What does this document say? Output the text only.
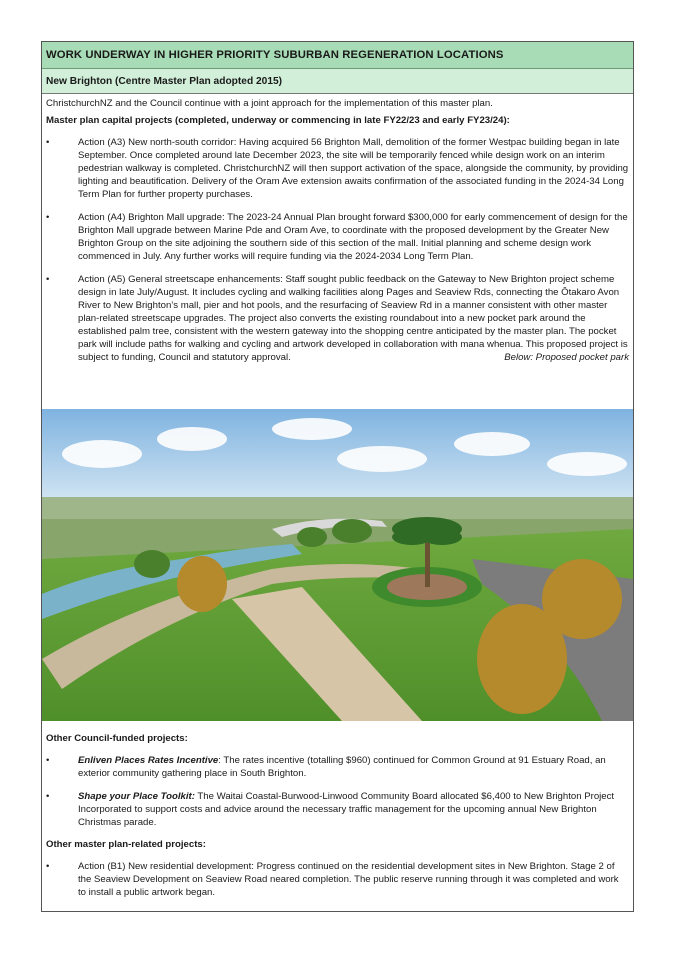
WORK UNDERWAY IN HIGHER PRIORITY SUBURBAN REGENERATION LOCATIONS
New Brighton (Centre Master Plan adopted 2015)
ChristchurchNZ and the Council continue with a joint approach for the implementation of this master plan.
Master plan capital projects (completed, underway or commencing in late FY22/23 and early FY23/24):
•	Action (A3) New north-south corridor: Having acquired 56 Brighton Mall, demolition of the former Westpac building began in late September. Once completed around late December 2023, the site will be temporarily fenced while design work on an interim pedestrian walkway is completed. ChristchurchNZ will then support activation of the space, alongside the community, by providing lighting and beautification. Delivery of the Oram Ave extension awaits confirmation of the associated funding in the 2024-34 Long Term Plan for further property purchases.
•	Action (A4) Brighton Mall upgrade: The 2023-24 Annual Plan brought forward $300,000 for early commencement of design for the Brighton Mall upgrade between Marine Pde and Oram Ave, to coordinate with the proposed development by the Greater New Brighton Group on the site adjoining the southern side of this section of the mall. Initial planning and scheme design work commenced in July. Any further works will require funding via the 2024-2034 Long Term Plan.
•	Action (A5) General streetscape enhancements: Staff sought public feedback on the Gateway to New Brighton project scheme design in late July/August. It includes cycling and walking facilities along Pages and Seaview Rds, connecting the Ōtakaro Avon River to New Brighton’s mall, pier and hot pools, and the resurfacing of Seaview Rd in a manner consistent with other master plan-related streetscape upgrades. The project also converts the existing roundabout into a new pocket park around the established palm tree, consistent with the western gateway into the shopping centre anticipated by the master plan. The pocket park will include paths for walking and cycling and artwork developed in collaboration with mana whenua. This proposed project is subject to funding, Council and statutory approval.	Below: Proposed pocket park
Other Council-funded projects:
•	Enliven Places Rates Incentive: The rates incentive (totalling $960) continued for Common Ground at 91 Estuary Road, an exterior community gathering place in South Brighton.
•	Shape your Place Toolkit: The Waitai Coastal-Burwood-Linwood Community Board allocated $6,400 to New Brighton Project Incorporated to support costs and advice around the necessary traffic management for the upcoming annual New Brighton Christmas parade.
Other master plan-related projects:
•	Action (B1) New residential development: Progress continued on the residential development sites in New Brighton. Stage 2 of the Seaview Development on Seaview Road neared completion. The public reserve running through it was completed and work to install a public artwork began.
